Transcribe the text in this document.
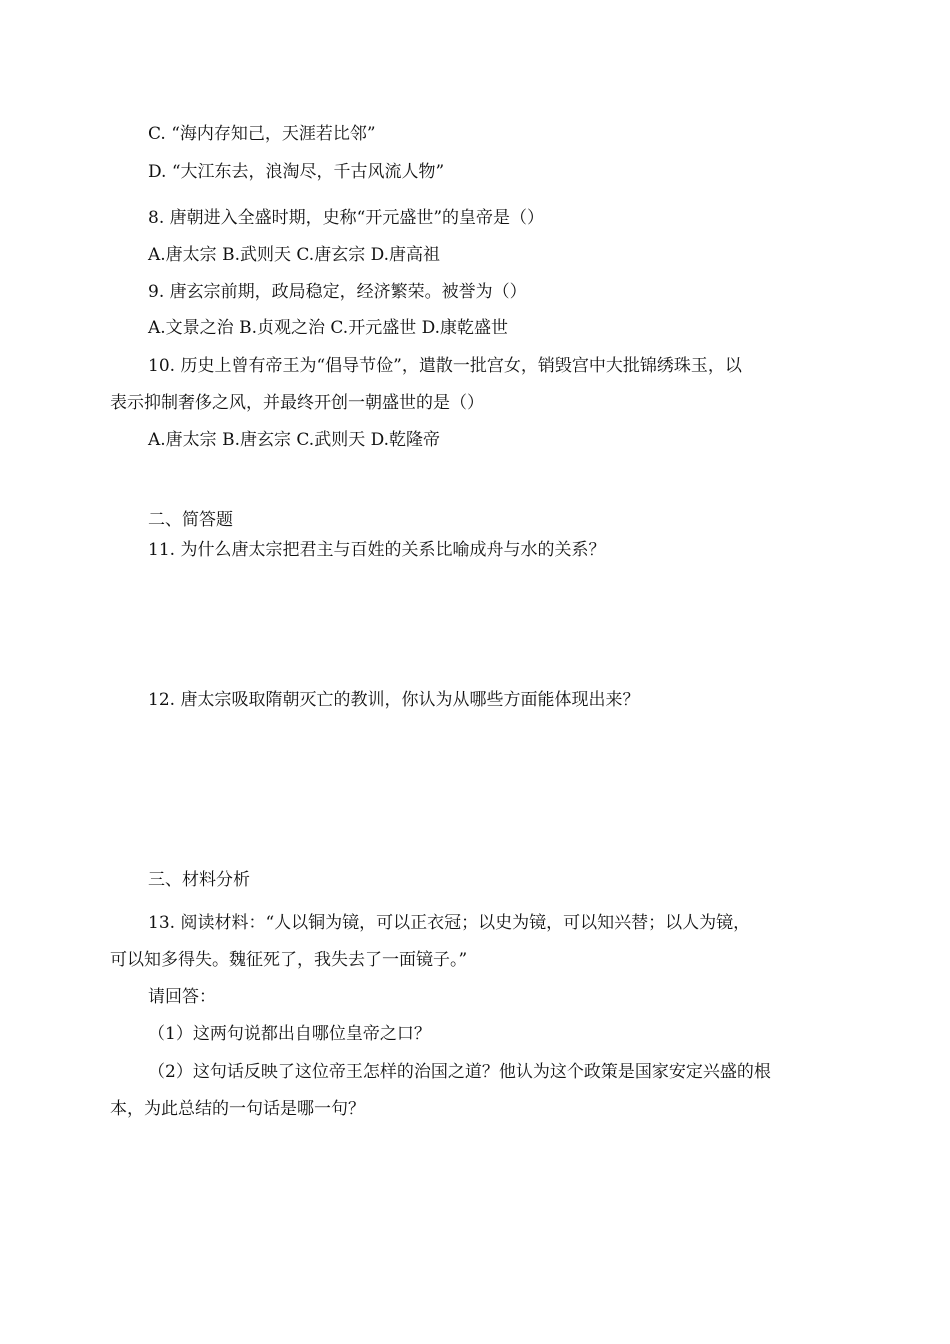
C. “海内存知己，天涯若比邻”
D. “大江东去，浪淘尽，千古风流人物”
8. 唐朝进入全盛时期，史称“开元盛世”的皇帝是（）
A.唐太宗 B.武则天 C.唐玄宗 D.唐高祖
9. 唐玄宗前期，政局稳定，经济繁荣。被誉为（）
A.文景之治 B.贞观之治 C.开元盛世 D.康乾盛世
10. 历史上曾有帝王为“倡导节俭”，遣散一批宫女，销毁宫中大批锦绣珠玉，以
表示抑制奢侈之风，并最终开创一朝盛世的是（）
A.唐太宗 B.唐玄宗 C.武则天 D.乾隆帝
二、简答题
11. 为什么唐太宗把君主与百姓的关系比喻成舟与水的关系？
12. 唐太宗吸取隋朝灭亡的教训，你认为从哪些方面能体现出来？
三、材料分析
13. 阅读材料：“人以铜为镜，可以正衣冠；以史为镜，可以知兴替；以人为镜，
可以知多得失。魏征死了，我失去了一面镜子。”
请回答：
（1）这两句说都出自哪位皇帝之口？
（2）这句话反映了这位帝王怎样的治国之道？他认为这个政策是国家安定兴盛的根
本，为此总结的一句话是哪一句？
